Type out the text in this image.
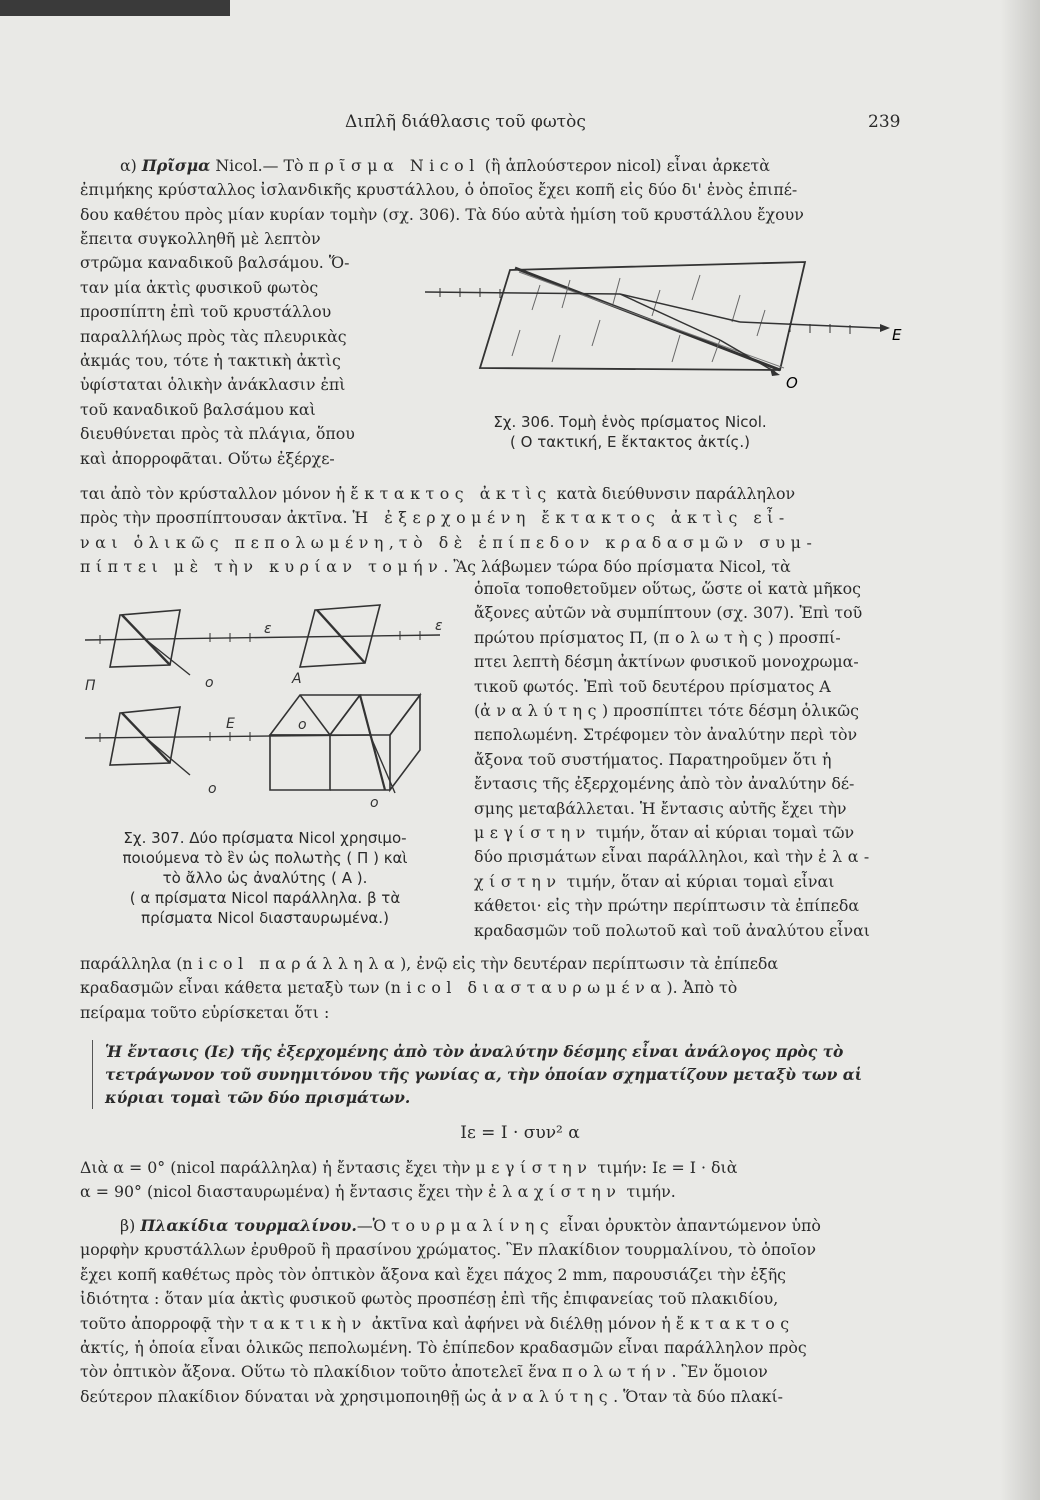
Διπλῆ διάθλασις τοῦ φωτὸς	239
α) Πρῖσμα Nicol.— Τὸ πρῖσμα Nicol (ἢ ἁπλούστερον nicol) εἶναι ἀρκετὰ
ἐπιμήκης κρύσταλλος ἰσλανδικῆς κρυστάλλου, ὁ ὁποῖος ἔχει κοπῆ εἰς δύο δι' ἑνὸς ἐπιπέ-
δου καθέτου πρὸς μίαν κυρίαν τομὴν (σχ. 306). Τὰ δύο αὐτὰ ἡμίση τοῦ κρυστάλλου ἔχουν
ἔπειτα συγκολληθῆ μὲ λεπτὸν
στρῶμα καναδικοῦ βαλσάμου. Ὅ-
ταν μία ἀκτὶς φυσικοῦ φωτὸς
προσπίπτη ἐπὶ τοῦ κρυστάλλου
παραλλήλως πρὸς τὰς πλευρικὰς
ἀκμάς του, τότε ἡ τακτικὴ ἀκτὶς
ὑφίσταται ὁλικὴν ἀνάκλασιν ἐπὶ
τοῦ καναδικοῦ βαλσάμου καὶ
διευθύνεται πρὸς τὰ πλάγια, ὅπου
καὶ ἀπορροφᾶται. Οὕτω ἐξέρχε-
E
O
Σχ. 306. Τομὴ ἑνὸς πρίσματος Nicol.
( Ο τακτική, Ε ἔκτακτος ἀκτίς.)
ται ἀπὸ τὸν κρύσταλλον μόνον ἡ ἔκτακτος ἀκτὶς κατὰ διεύθυνσιν παράλληλον
πρὸς τὴν προσπίπτουσαν ἀκτῖνα. Ἡ ἐξερχομένη ἔκτακτος ἀκτὶς εἶ-
ναι ὁλικῶς πεπολωμένη, τὸ δὲ ἐπίπεδον κραδασμῶν συμ-
πίπτει μὲ τὴν κυρίαν τομήν. Ἂς λάβωμεν τώρα δύο πρίσματα Nicol, τὰ
Π	A
ε	ε
Ε
ο
ο
ο
ο
Σχ. 307. Δύο πρίσματα Nicol χρησιμο-
ποιούμενα τὸ ἓν ὡς πολωτὴς ( Π ) καὶ
τὸ ἄλλο ὡς ἀναλύτης ( Α ).
( α πρίσματα Nicol παράλληλα. β τὰ
πρίσματα Nicol διασταυρωμένα.)
ὁποῖα τοποθετοῦμεν οὕτως, ὥστε οἱ κατὰ μῆκος
ἄξονες αὐτῶν νὰ συμπίπτουν (σχ. 307). Ἐπὶ τοῦ
πρώτου πρίσματος Π, (πολωτὴς) προσπί-
πτει λεπτὴ δέσμη ἀκτίνων φυσικοῦ μονοχρωμα-
τικοῦ φωτός. Ἐπὶ τοῦ δευτέρου πρίσματος Α
(ἀναλύτης) προσπίπτει τότε δέσμη ὁλικῶς
πεπολωμένη. Στρέφομεν τὸν ἀναλύτην περὶ τὸν
ἄξονα τοῦ συστήματος. Παρατηροῦμεν ὅτι ἡ
ἔντασις τῆς ἐξερχομένης ἀπὸ τὸν ἀναλύτην δέ-
σμης μεταβάλλεται. Ἡ ἔντασις αὐτῆς ἔχει τὴν
μεγίστην τιμήν, ὅταν αἱ κύριαι τομαὶ τῶν
δύο πρισμάτων εἶναι παράλληλοι, καὶ τὴν ἐλα-
χίστην τιμήν, ὅταν αἱ κύριαι τομαὶ εἶναι
κάθετοι· εἰς τὴν πρώτην περίπτωσιν τὰ ἐπίπεδα
κραδασμῶν τοῦ πολωτοῦ καὶ τοῦ ἀναλύτου εἶναι
παράλληλα (nicol παράλληλα), ἐνῷ εἰς τὴν δευτέραν περίπτωσιν τὰ ἐπίπεδα
κραδασμῶν εἶναι κάθετα μεταξὺ των (nicol διασταυρωμένα). Ἀπὸ τὸ
πείραμα τοῦτο εὑρίσκεται ὅτι :
Ἡ ἔντασις (Iε) τῆς ἐξερχομένης ἀπὸ τὸν ἀναλύτην δέσμης εἶναι ἀνάλογος πρὸς τὸ
τετράγωνον τοῦ συνημιτόνου τῆς γωνίας α, τὴν ὁποίαν σχηματίζουν μεταξὺ των αἱ
κύριαι τομαὶ τῶν δύο πρισμάτων.
Iε = I · συν² α
Διὰ α = 0° (nicol παράλληλα) ἡ ἔντασις ἔχει τὴν μεγίστην τιμήν: Iε = I · διὰ
α = 90° (nicol διασταυρωμένα) ἡ ἔντασις ἔχει τὴν ἐλαχίστην τιμήν.
β) Πλακίδια τουρμαλίνου.—Ὁ τουρμαλίνης εἶναι ὀρυκτὸν ἀπαντώμενον ὑπὸ
μορφὴν κρυστάλλων ἐρυθροῦ ἢ πρασίνου χρώματος. Ἓν πλακίδιον τουρμαλίνου, τὸ ὁποῖον
ἔχει κοπῆ καθέτως πρὸς τὸν ὀπτικὸν ἄξονα καὶ ἔχει πάχος 2 mm, παρουσιάζει τὴν ἑξῆς
ἰδιότητα : ὅταν μία ἀκτὶς φυσικοῦ φωτὸς προσπέσῃ ἐπὶ τῆς ἐπιφανείας τοῦ πλακιδίου,
τοῦτο ἀπορροφᾷ τὴν τακτικὴν ἀκτῖνα καὶ ἀφήνει νὰ διέλθῃ μόνον ἡ ἔκτακτος
ἀκτίς, ἡ ὁποία εἶναι ὁλικῶς πεπολωμένη. Τὸ ἐπίπεδον κραδασμῶν εἶναι παράλληλον πρὸς
τὸν ὀπτικὸν ἄξονα. Οὕτω τὸ πλακίδιον τοῦτο ἀποτελεῖ ἕνα πολωτήν. Ἓν ὅμοιον
δεύτερον πλακίδιον δύναται νὰ χρησιμοποιηθῇ ὡς ἀναλύτης. Ὅταν τὰ δύο πλακί-
